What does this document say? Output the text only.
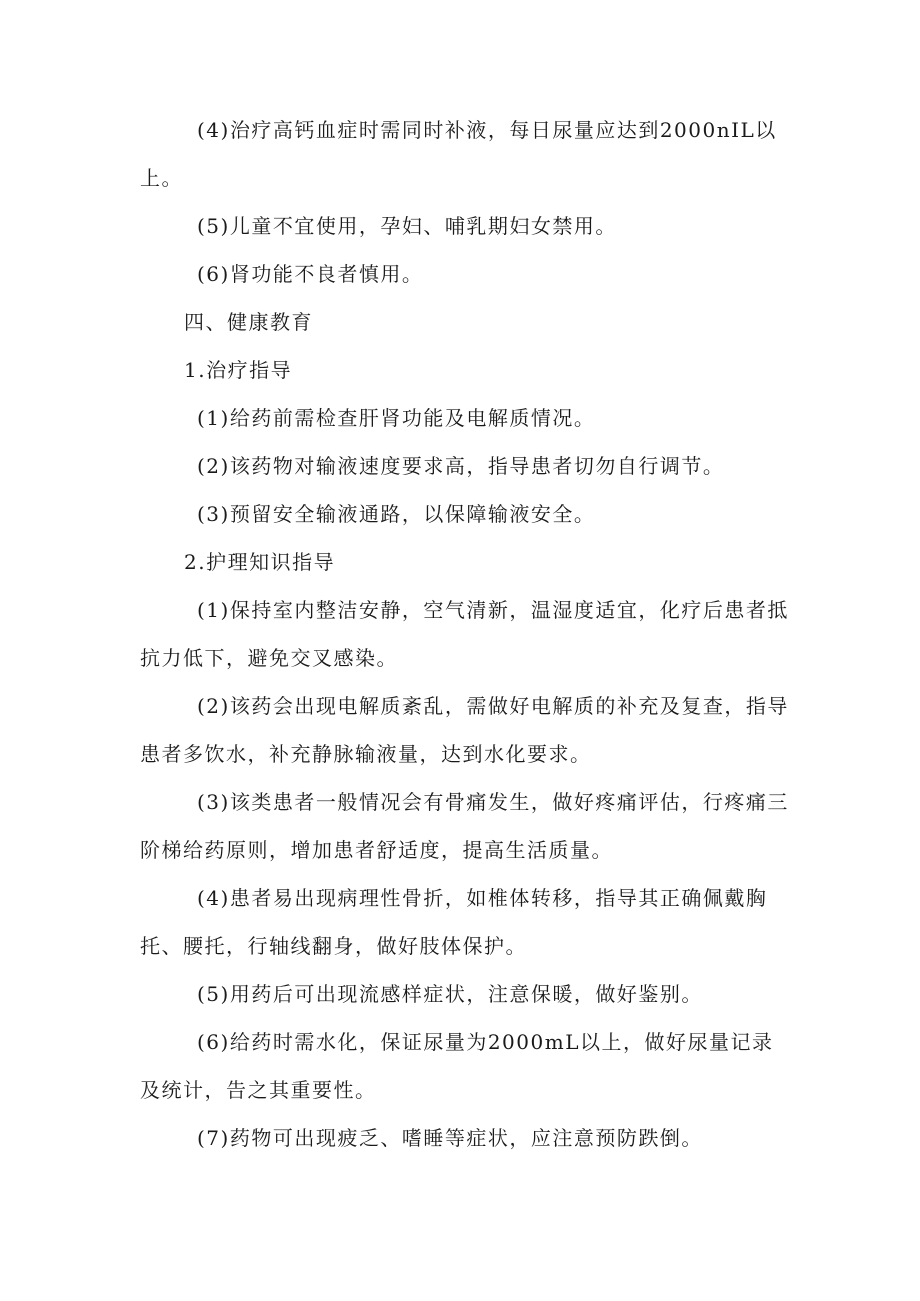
(4)治疗高钙血症时需同时补液，每日尿量应达到2000nIL以上。

(5)儿童不宜使用，孕妇、哺乳期妇女禁用。

(6)肾功能不良者慎用。

四、健康教育

1.治疗指导

(1)给药前需检查肝肾功能及电解质情况。

(2)该药物对输液速度要求高，指导患者切勿自行调节。

(3)预留安全输液通路，以保障输液安全。

2.护理知识指导

(1)保持室内整洁安静，空气清新，温湿度适宜，化疗后患者抵抗力低下，避免交叉感染。

(2)该药会出现电解质紊乱，需做好电解质的补充及复查，指导患者多饮水，补充静脉输液量，达到水化要求。

(3)该类患者一般情况会有骨痛发生，做好疼痛评估，行疼痛三阶梯给药原则，增加患者舒适度，提高生活质量。

(4)患者易出现病理性骨折，如椎体转移，指导其正确佩戴胸托、腰托，行轴线翻身，做好肢体保护。

(5)用药后可出现流感样症状，注意保暖，做好鉴别。

(6)给药时需水化，保证尿量为2000mL以上，做好尿量记录及统计，告之其重要性。

(7)药物可出现疲乏、嗜睡等症状，应注意预防跌倒。
